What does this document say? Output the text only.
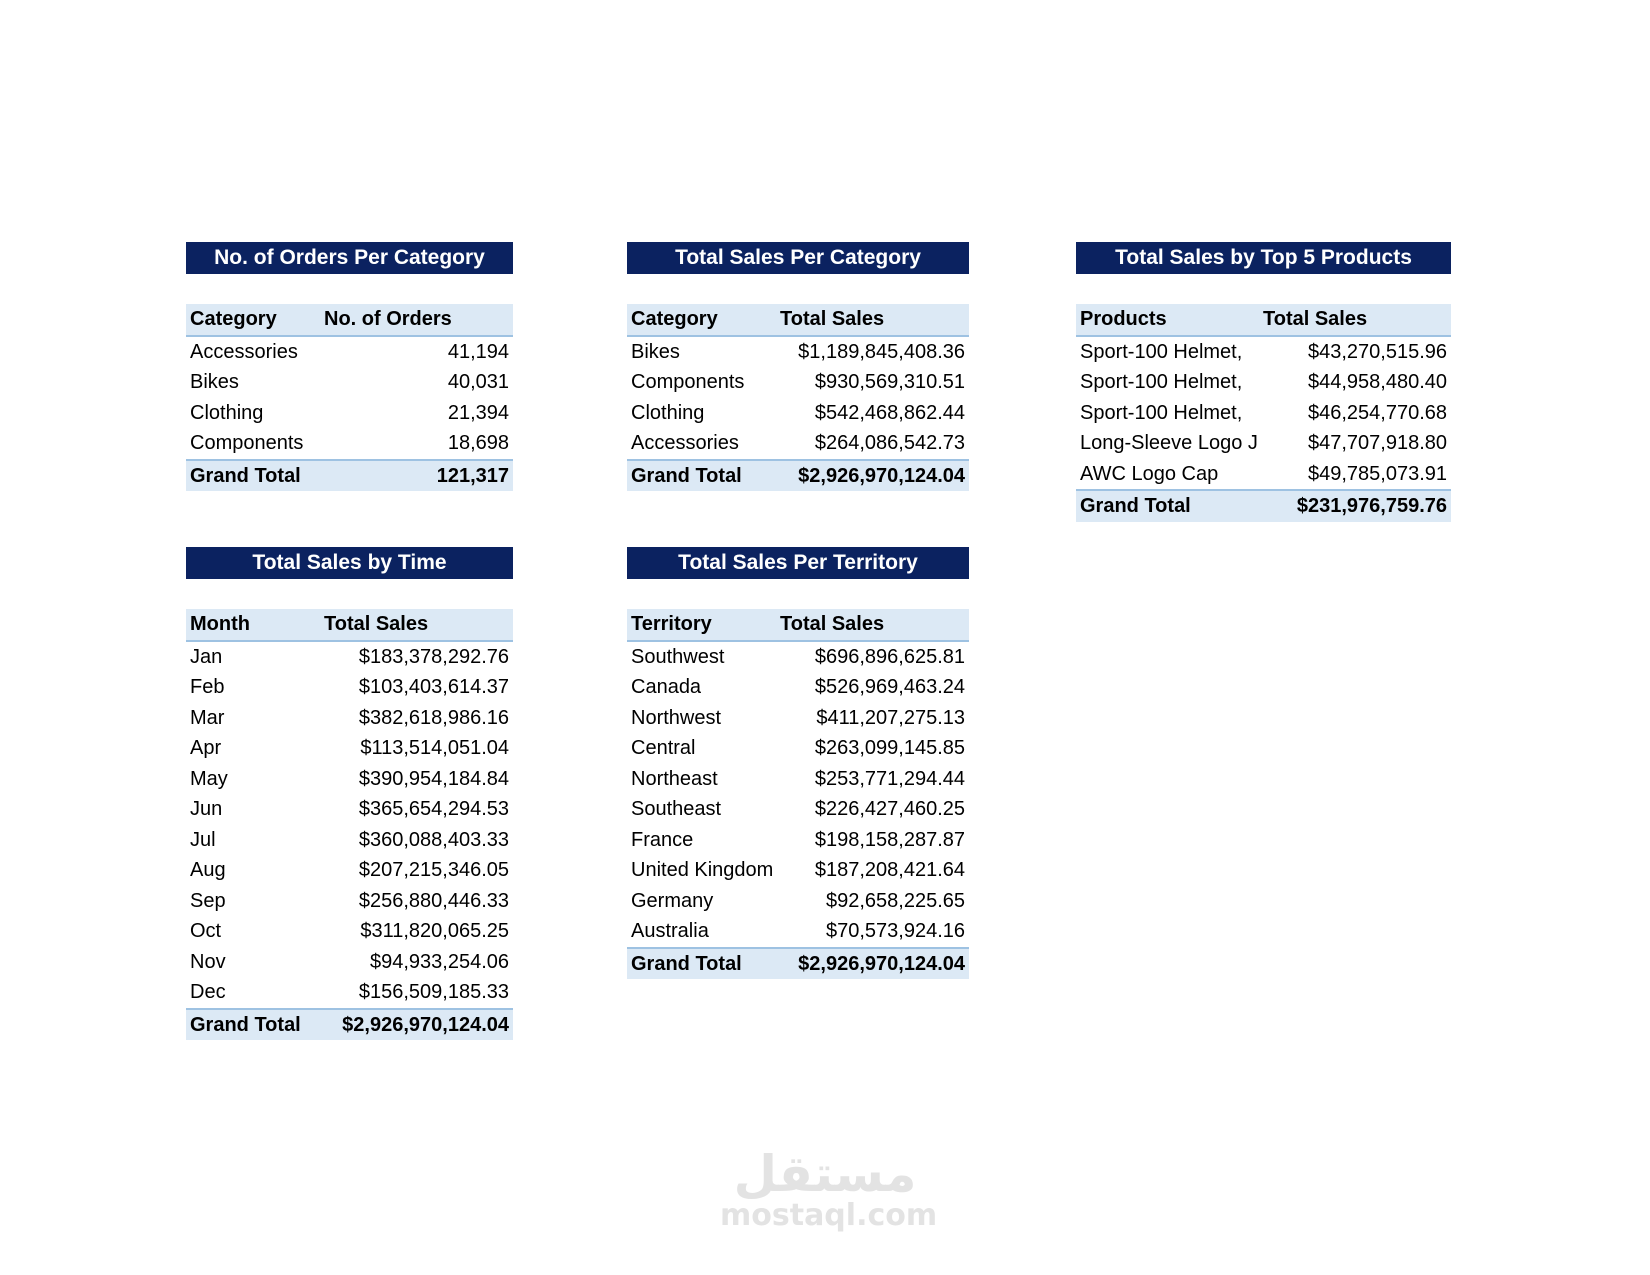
No. of Orders Per Category
Category	No. of Orders
Accessories	41,194
Bikes	40,031
Clothing	21,394
Components	18,698
Grand Total	121,317
Total Sales Per Category
Category	Total Sales
Bikes	$1,189,845,408.36
Components	$930,569,310.51
Clothing	$542,468,862.44
Accessories	$264,086,542.73
Grand Total	$2,926,970,124.04
Total Sales by Top 5 Products
Products	Total Sales
Sport-100 Helmet,	$43,270,515.96
Sport-100 Helmet,	$44,958,480.40
Sport-100 Helmet,	$46,254,770.68
Long-Sleeve Logo J	$47,707,918.80
AWC Logo Cap	$49,785,073.91
Grand Total	$231,976,759.76
Total Sales by Time
Month	Total Sales
Jan	$183,378,292.76
Feb	$103,403,614.37
Mar	$382,618,986.16
Apr	$113,514,051.04
May	$390,954,184.84
Jun	$365,654,294.53
Jul	$360,088,403.33
Aug	$207,215,346.05
Sep	$256,880,446.33
Oct	$311,820,065.25
Nov	$94,933,254.06
Dec	$156,509,185.33
Grand Total	$2,926,970,124.04
Total Sales Per Territory
Territory	Total Sales
Southwest	$696,896,625.81
Canada	$526,969,463.24
Northwest	$411,207,275.13
Central	$263,099,145.85
Northeast	$253,771,294.44
Southeast	$226,427,460.25
France	$198,158,287.87
United Kingdom	$187,208,421.64
Germany	$92,658,225.65
Australia	$70,573,924.16
Grand Total	$2,926,970,124.04
مستقل
mostaql.com
